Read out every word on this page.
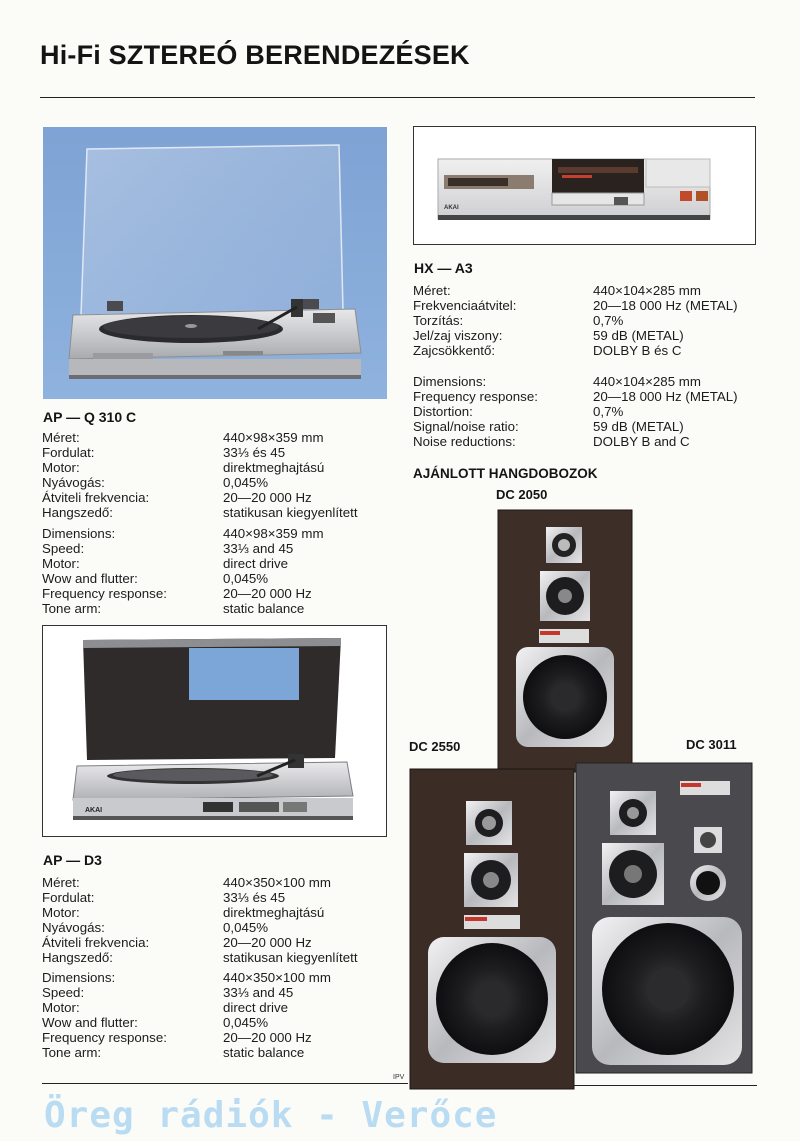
Hi-Fi SZTEREÓ BERENDEZÉSEK
AP — Q 310 C
Méret:	440×98×359 mm
Fordulat:	33⅓ és 45
Motor:	direktmeghajtású
Nyávogás:	0,045%
Átviteli frekvencia:	20—20 000 Hz
Hangszedő:	statikusan kiegyenlített
Dimensions:	440×98×359 mm
Speed:	33⅓ and 45
Motor:	direct drive
Wow and flutter:	0,045%
Frequency response:	20—20 000 Hz
Tone arm:	static balance
AKAI
AP — D3
Méret:	440×350×100 mm
Fordulat:	33⅓ és 45
Motor:	direktmeghajtású
Nyávogás:	0,045%
Átviteli frekvencia:	20—20 000 Hz
Hangszedő:	statikusan kiegyenlített
Dimensions:	440×350×100 mm
Speed:	33⅓ and 45
Motor:	direct drive
Wow and flutter:	0,045%
Frequency response:	20—20 000 Hz
Tone arm:	static balance
AKAI
HX — A3
Méret:	440×104×285 mm
Frekvenciaátvitel:	20—18 000 Hz (METAL)
Torzítás:	0,7%
Jel/zaj viszony:	59 dB (METAL)
Zajcsökkentő:	DOLBY B és C
Dimensions:	440×104×285 mm
Frequency response:	20—18 000 Hz (METAL)
Distortion:	0,7%
Signal/noise ratio:	59 dB (METAL)
Noise reductions:	DOLBY B and C
AJÁNLOTT HANGDOBOZOK
DC 2050
DC 2550	DC 3011
IPV
Öreg rádiók - Verőce
